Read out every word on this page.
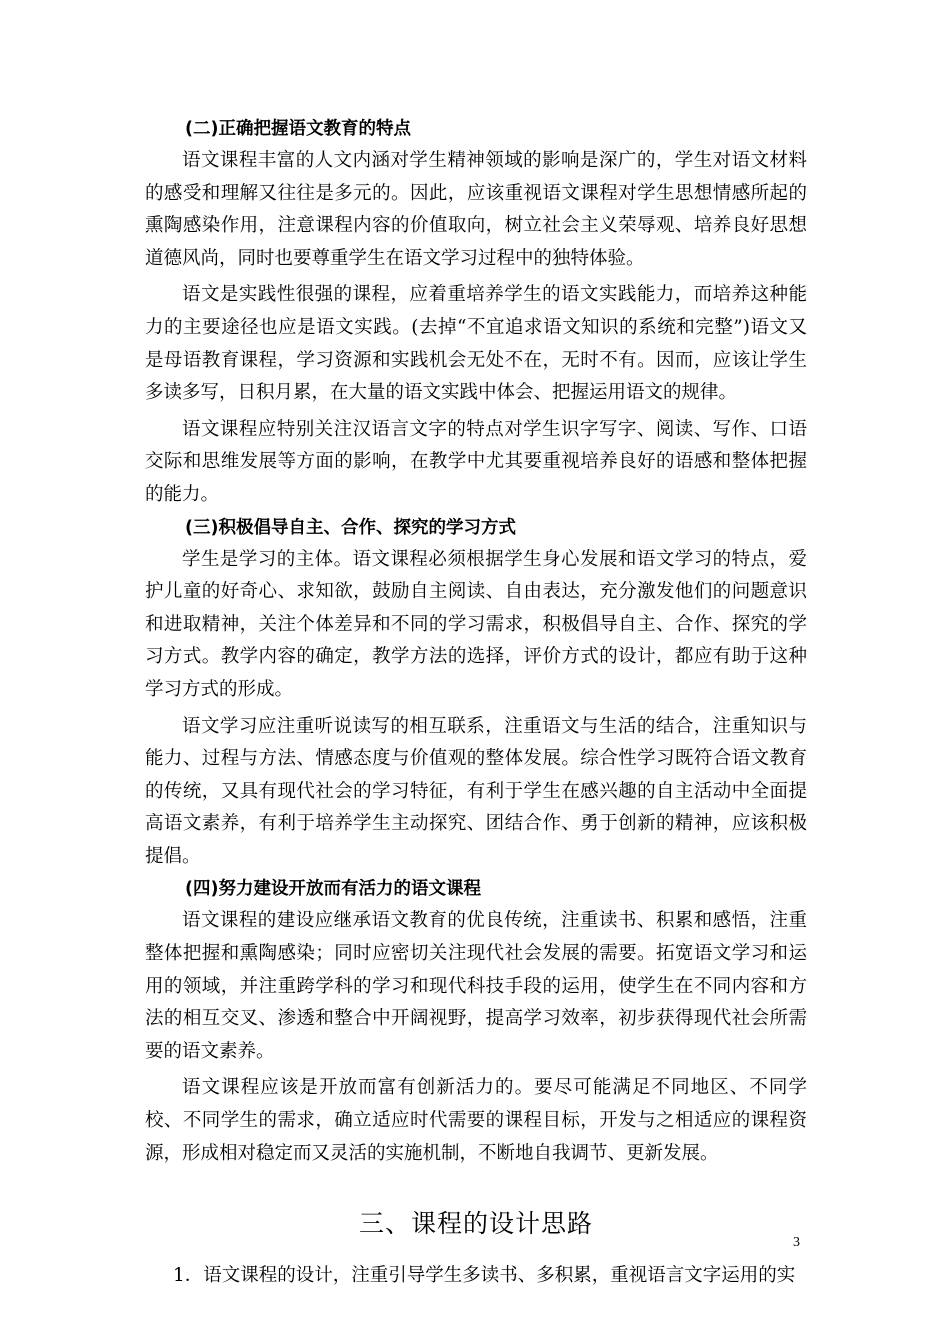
(二)正确把握语文教育的特点

语文课程丰富的人文内涵对学生精神领域的影响是深广的，学生对语文材料的感受和理解又往往是多元的。因此，应该重视语文课程对学生思想情感所起的熏陶感染作用，注意课程内容的价值取向，树立社会主义荣辱观、培养良好思想道德风尚，同时也要尊重学生在语文学习过程中的独特体验。

语文是实践性很强的课程，应着重培养学生的语文实践能力，而培养这种能力的主要途径也应是语文实践。(去掉“不宜追求语文知识的系统和完整”)语文又是母语教育课程，学习资源和实践机会无处不在，无时不有。因而，应该让学生多读多写，日积月累，在大量的语文实践中体会、把握运用语文的规律。

语文课程应特别关注汉语言文字的特点对学生识字写字、阅读、写作、口语交际和思维发展等方面的影响，在教学中尤其要重视培养良好的语感和整体把握的能力。

(三)积极倡导自主、合作、探究的学习方式

学生是学习的主体。语文课程必须根据学生身心发展和语文学习的特点，爱护儿童的好奇心、求知欲，鼓励自主阅读、自由表达，充分激发他们的问题意识和进取精神，关注个体差异和不同的学习需求，积极倡导自主、合作、探究的学习方式。教学内容的确定，教学方法的选择，评价方式的设计，都应有助于这种学习方式的形成。

语文学习应注重听说读写的相互联系，注重语文与生活的结合，注重知识与能力、过程与方法、情感态度与价值观的整体发展。综合性学习既符合语文教育的传统，又具有现代社会的学习特征，有利于学生在感兴趣的自主活动中全面提高语文素养，有利于培养学生主动探究、团结合作、勇于创新的精神，应该积极提倡。

(四)努力建设开放而有活力的语文课程

语文课程的建设应继承语文教育的优良传统，注重读书、积累和感悟，注重整体把握和熏陶感染；同时应密切关注现代社会发展的需要。拓宽语文学习和运用的领域，并注重跨学科的学习和现代科技手段的运用，使学生在不同内容和方法的相互交叉、渗透和整合中开阔视野，提高学习效率，初步获得现代社会所需要的语文素养。

语文课程应该是开放而富有创新活力的。要尽可能满足不同地区、不同学校、不同学生的需求，确立适应时代需要的课程目标，开发与之相适应的课程资源，形成相对稳定而又灵活的实施机制，不断地自我调节、更新发展。

三、课程的设计思路
1．语文课程的设计，注重引导学生多读书、多积累，重视语言文字运用的实
3
